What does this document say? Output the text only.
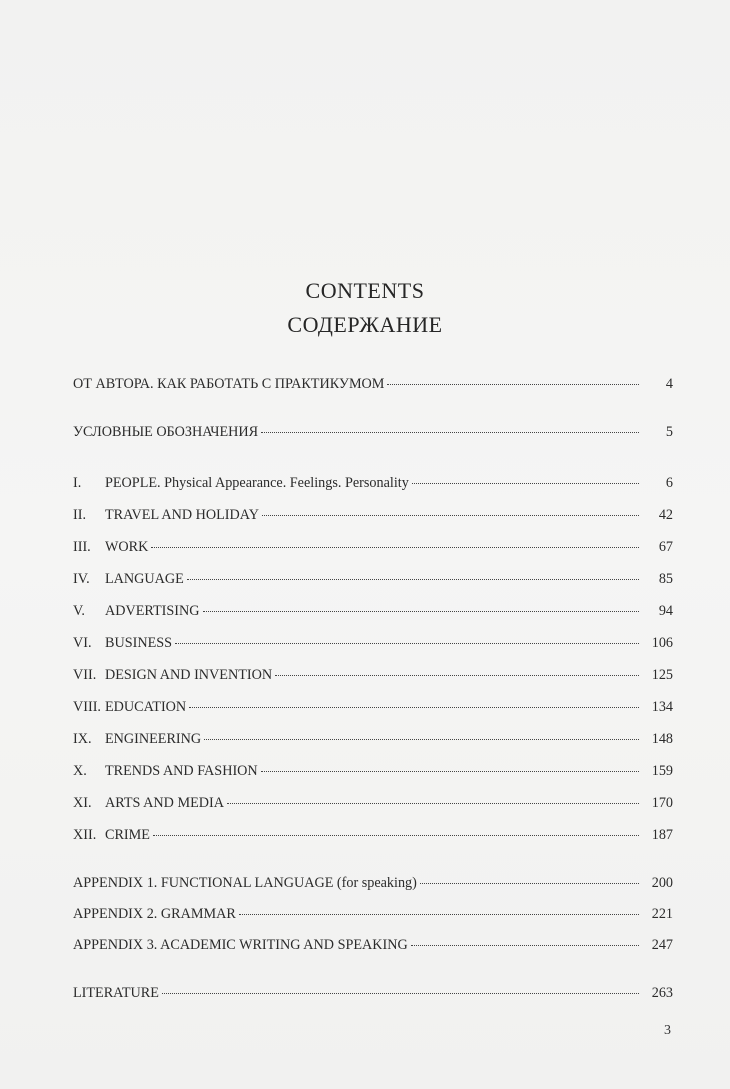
CONTENTS
СОДЕРЖАНИЕ
ОТ АВТОРА. КАК РАБОТАТЬ С ПРАКТИКУМОМ	4
УСЛОВНЫЕ ОБОЗНАЧЕНИЯ	5
I.	PEOPLE. Physical Appearance. Feelings. Personality	6
II.	TRAVEL AND HOLIDAY	42
III.	WORK	67
IV.	LANGUAGE	85
V.	ADVERTISING	94
VI. BUSINESS	106
VII. DESIGN AND INVENTION	125
VIII. EDUCATION	134
IX. ENGINEERING	148
X.	TRENDS AND FASHION	159
XI. ARTS AND MEDIA	170
XII. CRIME	187
APPENDIX 1. FUNCTIONAL LANGUAGE (for speaking)	200
APPENDIX 2. GRAMMAR	221
APPENDIX 3. ACADEMIC WRITING AND SPEAKING	247
LITERATURE	263
3
